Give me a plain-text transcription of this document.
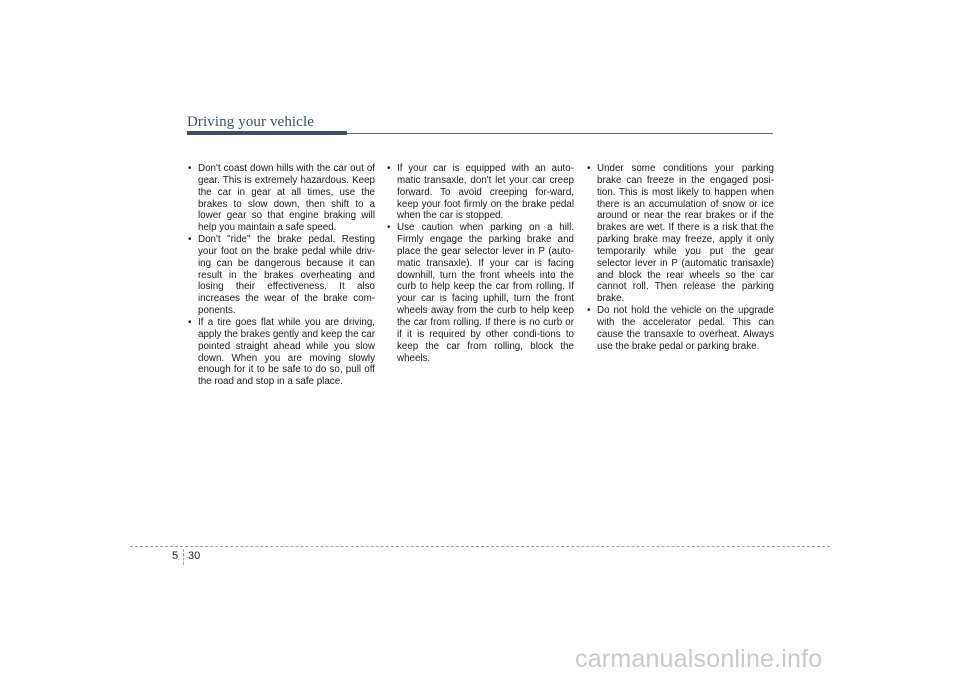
Driving your vehicle
• Don't coast down hills with the car out of gear. This is extremely hazardous. Keep the car in gear at all times, use the brakes to slow down, then shift to a lower gear so that engine braking will help you maintain a safe speed.
• Don't "ride" the brake pedal. Resting your foot on the brake pedal while driv-ing can be dangerous because it can result in the brakes overheating and losing their effectiveness. It also increases the wear of the brake com-ponents.
• If a tire goes flat while you are driving, apply the brakes gently and keep the car pointed straight ahead while you slow down. When you are moving slowly enough for it to be safe to do so, pull off the road and stop in a safe place.
• If your car is equipped with an auto-matic transaxle, don't let your car creep forward. To avoid creeping for-ward, keep your foot firmly on the brake pedal when the car is stopped.
• Use caution when parking on a hill. Firmly engage the parking brake and place the gear selector lever in P (auto-matic transaxle). If your car is facing downhill, turn the front wheels into the curb to help keep the car from rolling. If your car is facing uphill, turn the front wheels away from the curb to help keep the car from rolling. If there is no curb or if it is required by other condi-tions to keep the car from rolling, block the wheels.
• Under some conditions your parking brake can freeze in the engaged posi-tion. This is most likely to happen when there is an accumulation of snow or ice around or near the rear brakes or if the brakes are wet. If there is a risk that the parking brake may freeze, apply it only temporarily while you put the gear selector lever in P (automatic transaxle) and block the rear wheels so the car cannot roll. Then release the parking brake.
• Do not hold the vehicle on the upgrade with the accelerator pedal. This can cause the transaxle to overheat. Always use the brake pedal or parking brake.
5 30
carmanualsonline.info
